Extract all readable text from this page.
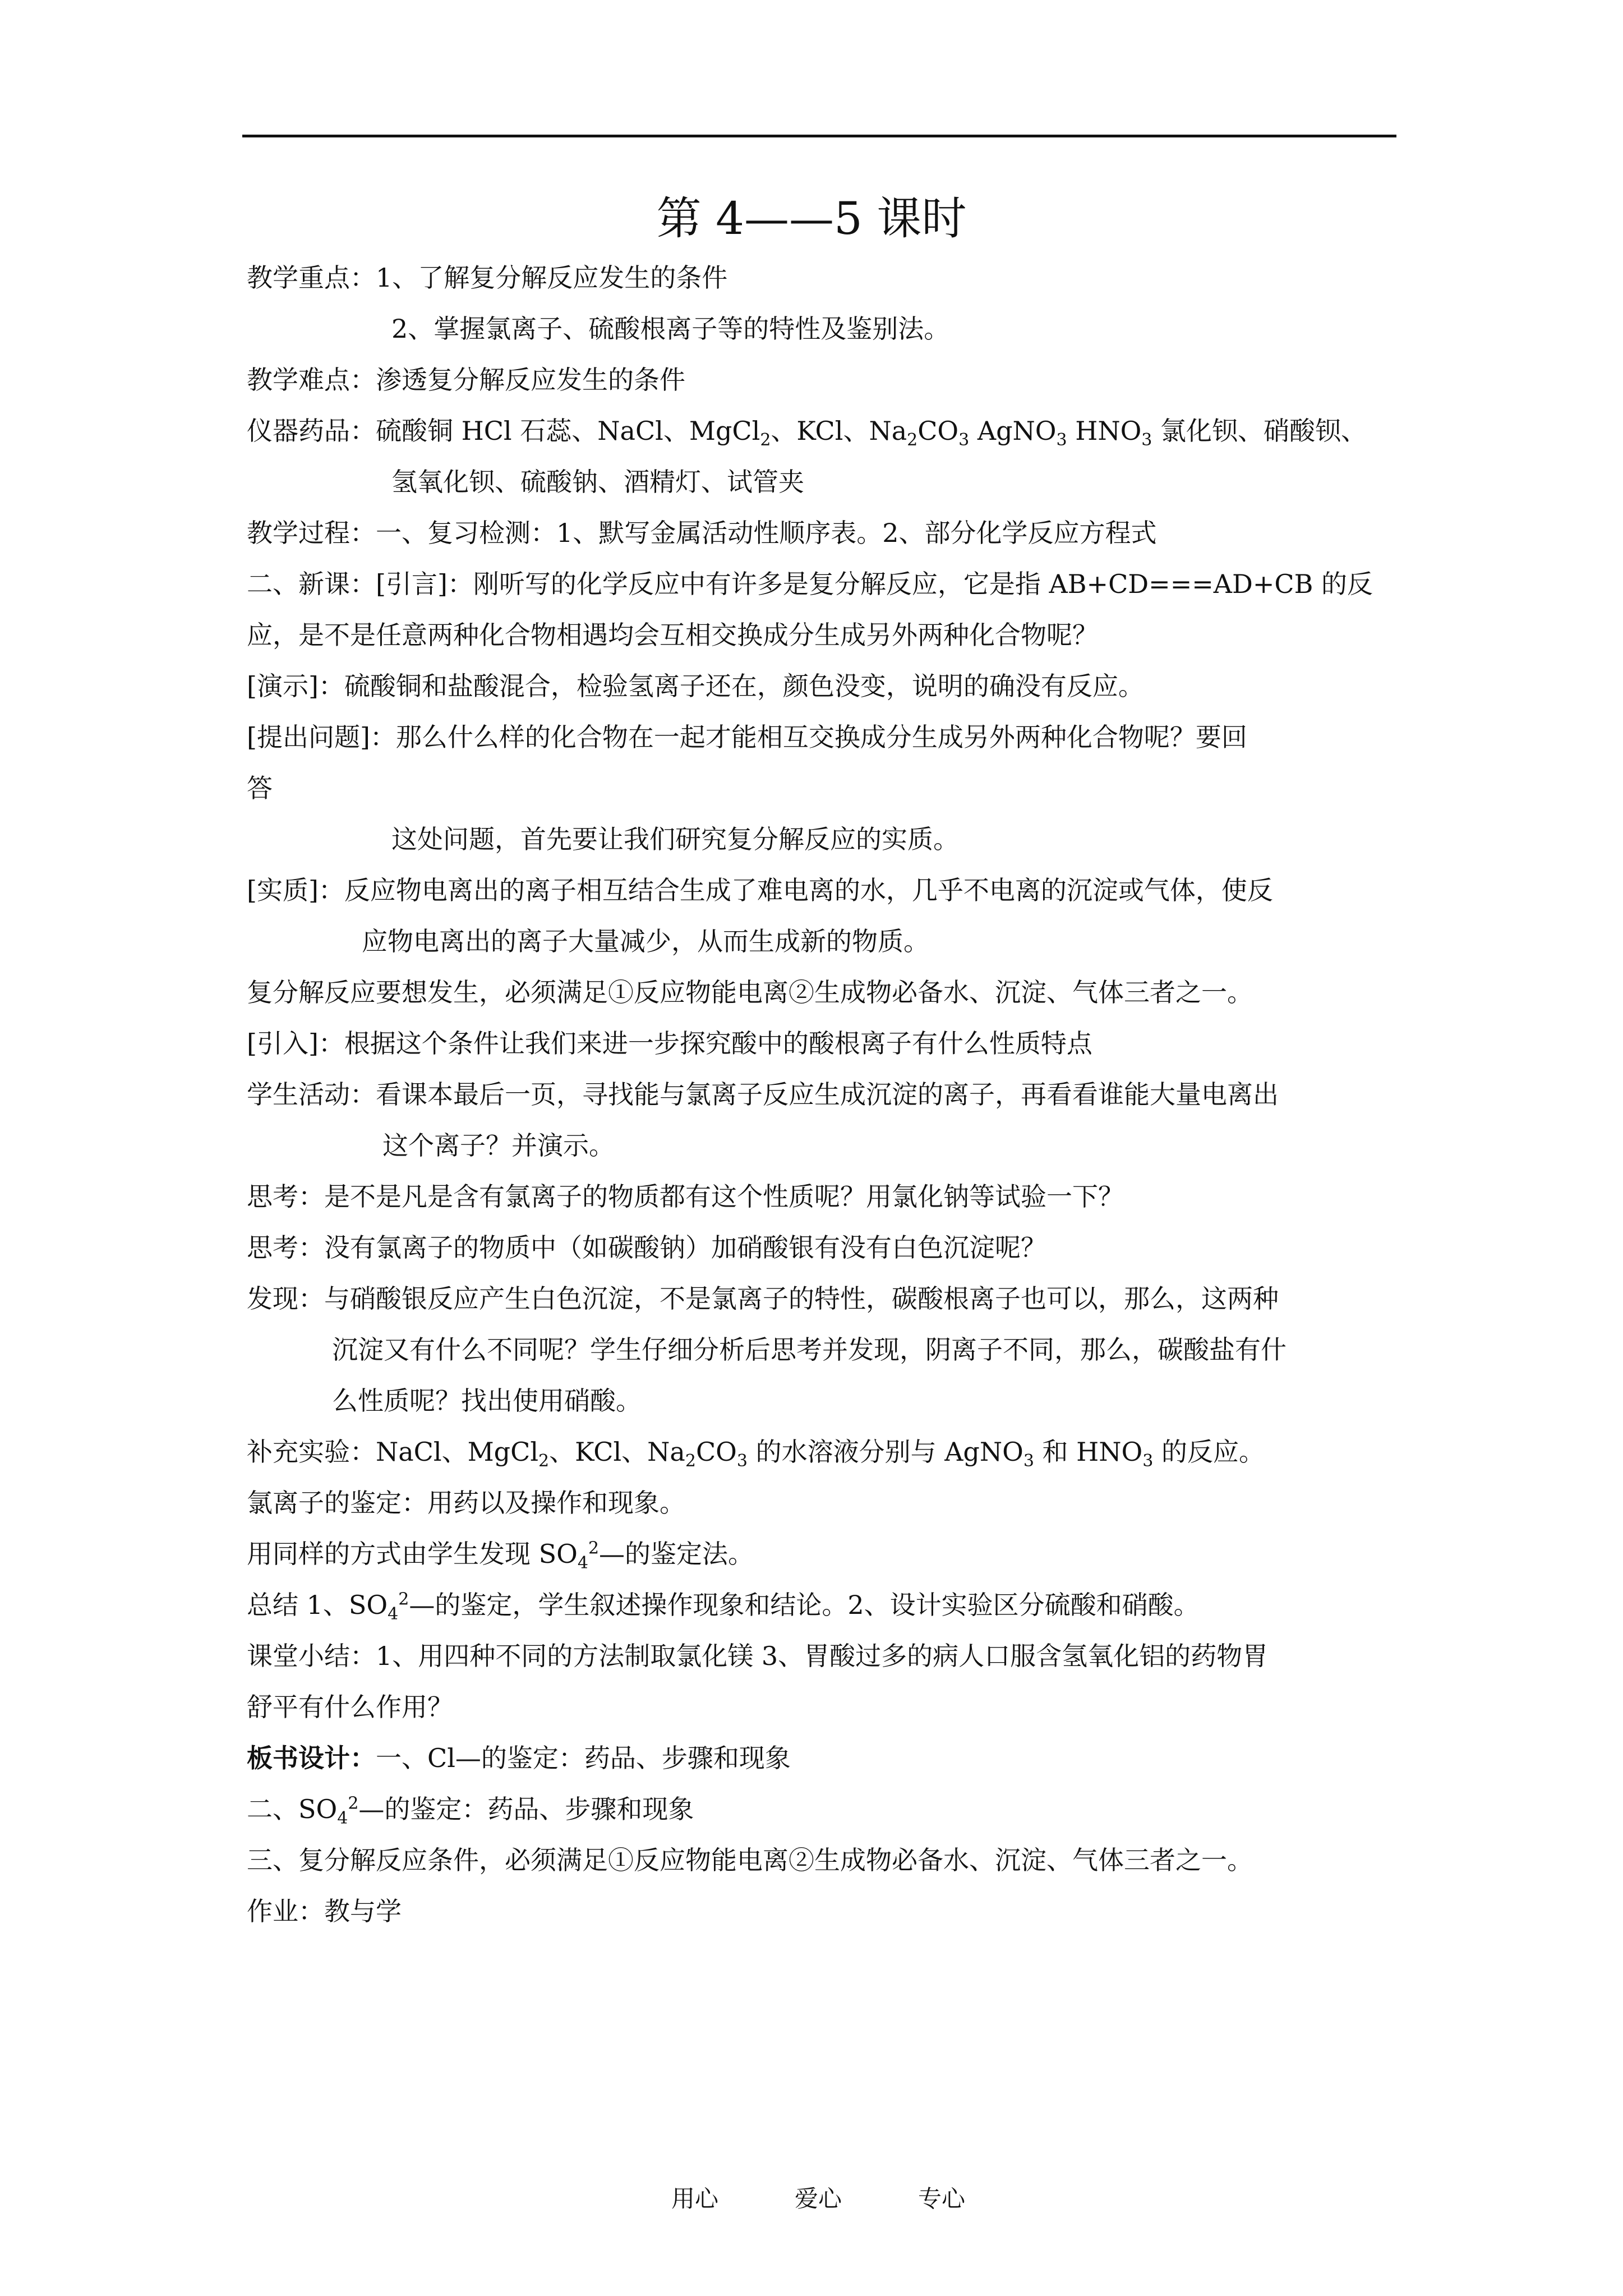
第 4——5 课时
教学重点：1、了解复分解反应发生的条件
2、掌握氯离子、硫酸根离子等的特性及鉴别法。
教学难点：渗透复分解反应发生的条件
仪器药品：硫酸铜 HCl 石蕊、NaCl、MgCl$_2$、KCl、$Na_2CO_3$ AgNO$_3$ $HNO_3$ 氯化钡、硝酸钡、
氢氧化钡、硫酸钠、酒精灯、试管夹
教学过程：一、复习检测：1、默写金属活动性顺序表。2、部分化学反应方程式
二、新课：[引言]：刚听写的化学反应中有许多是复分解反应，它是指 AB+CD===AD+CB 的反
应，是不是任意两种化合物相遇均会互相交换成分生成另外两种化合物呢？
[演示]：硫酸铜和盐酸混合，检验氢离子还在，颜色没变，说明的确没有反应。
[提出问题]：那么什么样的化合物在一起才能相互交换成分生成另外两种化合物呢？要回
答
这处问题，首先要让我们研究复分解反应的实质。
[实质]：反应物电离出的离子相互结合生成了难电离的水，几乎不电离的沉淀或气体，使反
应物电离出的离子大量减少，从而生成新的物质。
复分解反应要想发生，必须满足①反应物能电离②生成物必备水、沉淀、气体三者之一。
[引入]：根据这个条件让我们来进一步探究酸中的酸根离子有什么性质特点
学生活动：看课本最后一页，寻找能与氯离子反应生成沉淀的离子，再看看谁能大量电离出
这个离子？并演示。
思考：是不是凡是含有氯离子的物质都有这个性质呢？用氯化钠等试验一下？
思考：没有氯离子的物质中（如碳酸钠）加硝酸银有没有白色沉淀呢？
发现：与硝酸银反应产生白色沉淀，不是氯离子的特性，碳酸根离子也可以，那么，这两种
沉淀又有什么不同呢？学生仔细分析后思考并发现，阴离子不同，那么，碳酸盐有什
么性质呢？找出使用硝酸。
补充实验：NaCl、MgCl$_2$、KCl、$Na_2CO_3$ 的水溶液分别与 AgNO$_3$ 和 $HNO_3$ 的反应。
氯离子的鉴定：用药以及操作和现象。
用同样的方式由学生发现 $SO_4^2—$的鉴定法。
总结 1、$SO_4^2—$的鉴定，学生叙述操作现象和结论。2、设计实验区分硫酸和硝酸。
课堂小结：1、用四种不同的方法制取氯化镁 3、胃酸过多的病人口服含氢氧化铝的药物胃
舒平有什么作用？
板书设计：一、Cl—的鉴定：药品、步骤和现象
二、$SO_4^2—$的鉴定：药品、步骤和现象
三、复分解反应条件，必须满足①反应物能电离②生成物必备水、沉淀、气体三者之一。
作业：教与学
用心	爱心	专心
